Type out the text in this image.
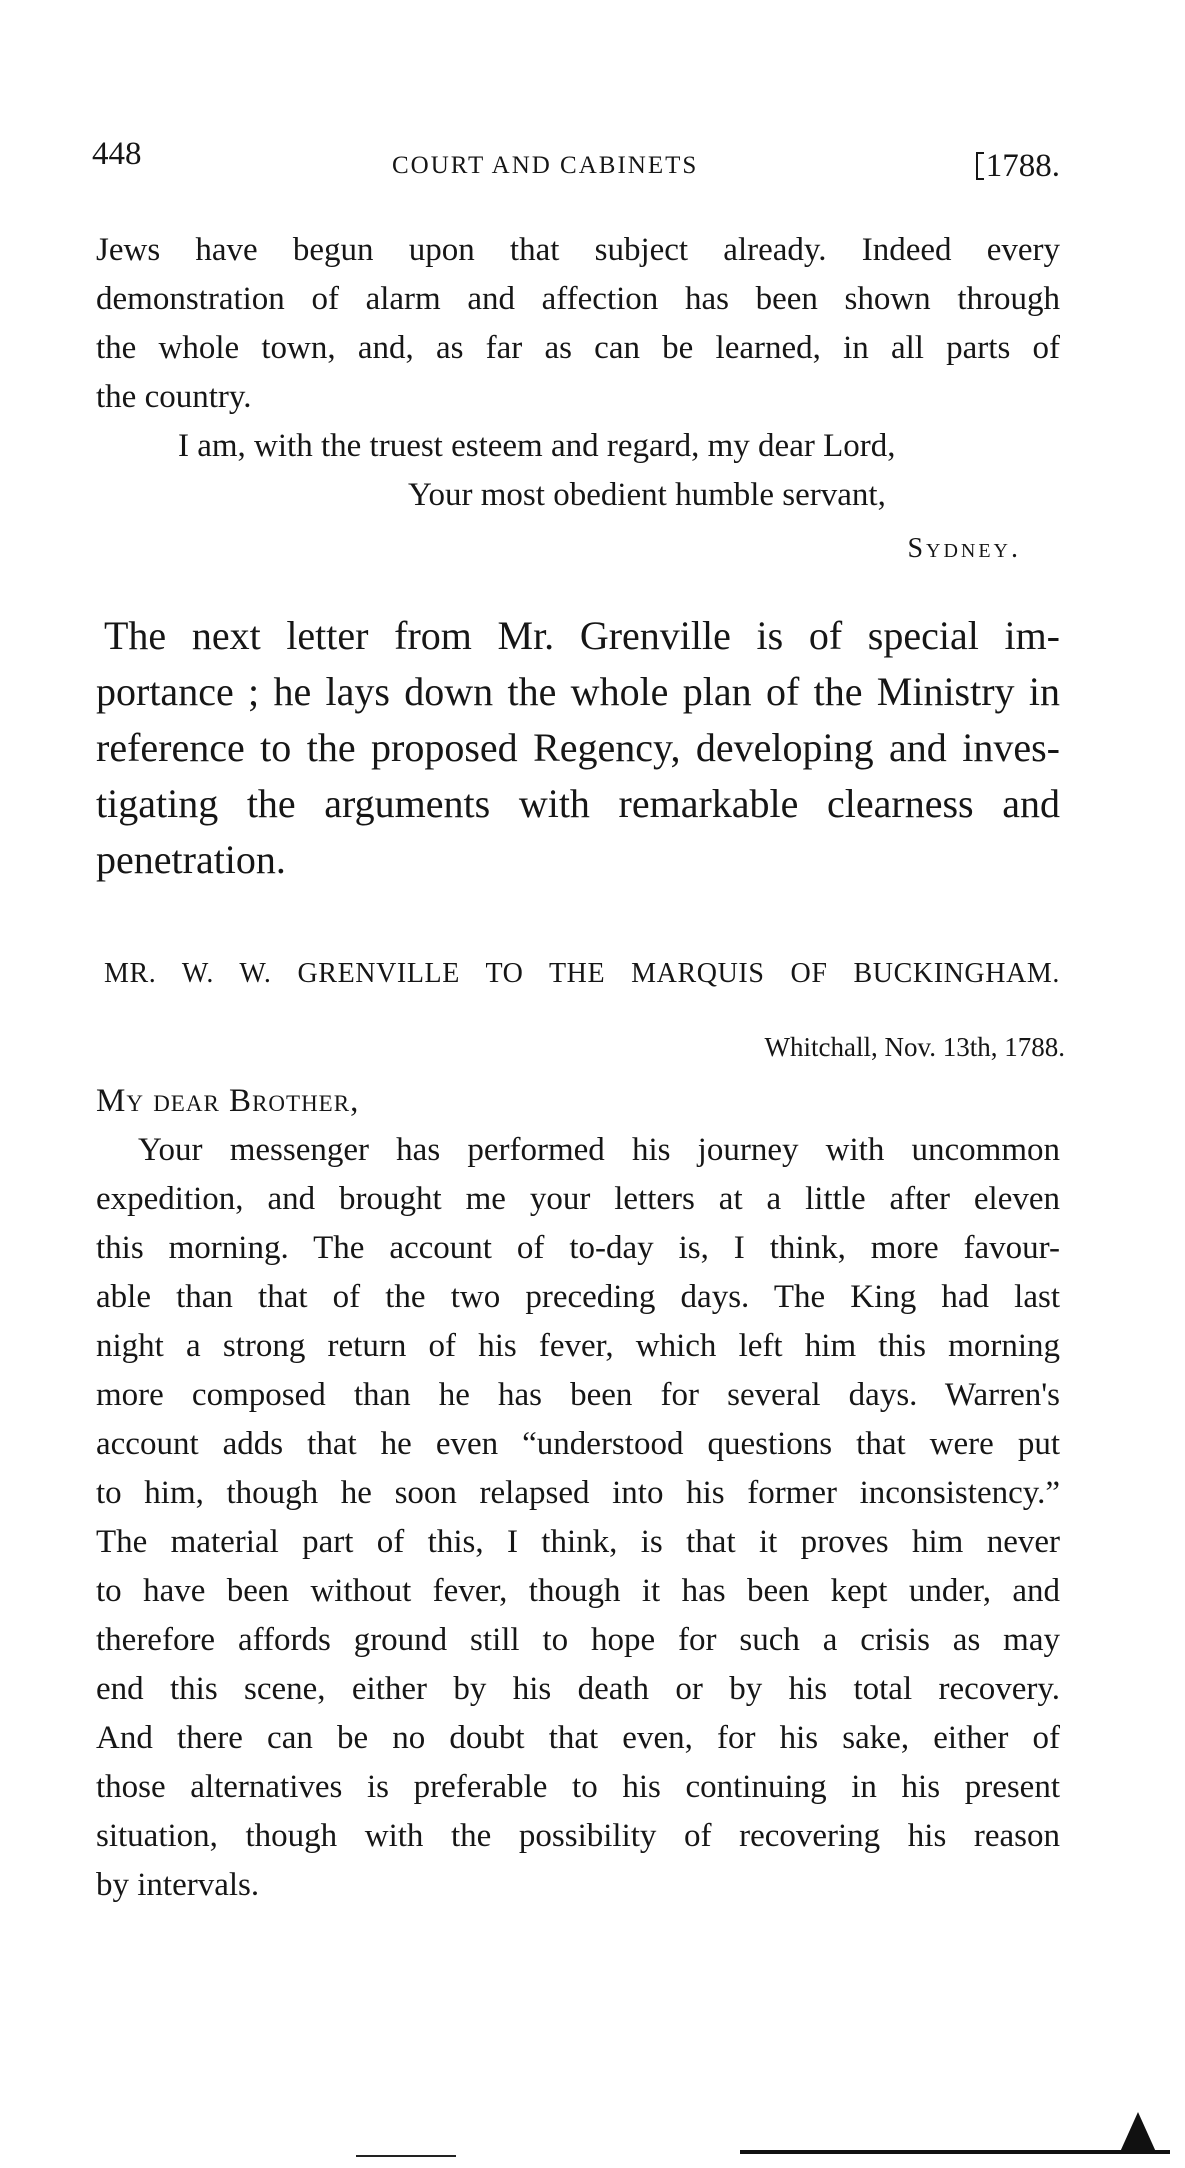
448	COURT AND CABINETS	1788.
Jews have begun upon that subject already. Indeed every
demonstration of alarm and affection has been shown through
the whole town, and, as far as can be learned, in all parts of
the country.
I am, with the truest esteem and regard, my dear Lord,
Your most obedient humble servant,
Sydney.
The next letter from Mr. Grenville is of special im-
portance ; he lays down the whole plan of the Ministry in
reference to the proposed Regency, developing and inves-
tigating the arguments with remarkable clearness and
penetration.
MR. W. W. GRENVILLE TO THE MARQUIS OF BUCKINGHAM.
Whitchall, Nov. 13th, 1788.
My dear Brother,
Your messenger has performed his journey with uncommon
expedition, and brought me your letters at a little after eleven
this morning. The account of to-day is, I think, more favour-
able than that of the two preceding days. The King had last
night a strong return of his fever, which left him this morning
more composed than he has been for several days. Warren's
account adds that he even “understood questions that were put
to him, though he soon relapsed into his former inconsistency.”
The material part of this, I think, is that it proves him never
to have been without fever, though it has been kept under, and
therefore affords ground still to hope for such a crisis as may
end this scene, either by his death or by his total recovery.
And there can be no doubt that even, for his sake, either of
those alternatives is preferable to his continuing in his present
situation, though with the possibility of recovering his reason
by intervals.
